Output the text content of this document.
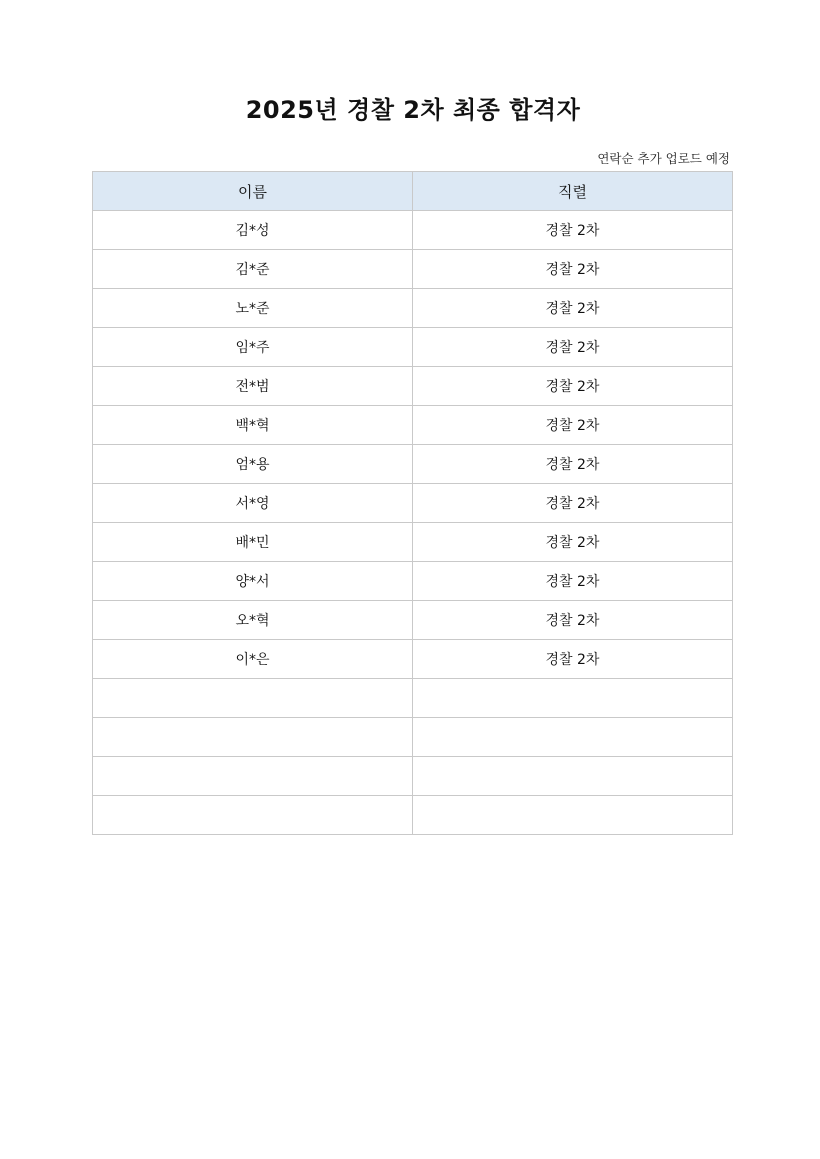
2025년 경찰 2차 최종 합격자
연락순 추가 업로드 예정
이름	직렬
김*성	경찰 2차
김*준	경찰 2차
노*준	경찰 2차
임*주	경찰 2차
전*범	경찰 2차
백*혁	경찰 2차
엄*용	경찰 2차
서*영	경찰 2차
배*민	경찰 2차
양*서	경찰 2차
오*혁	경찰 2차
이*은	경찰 2차
